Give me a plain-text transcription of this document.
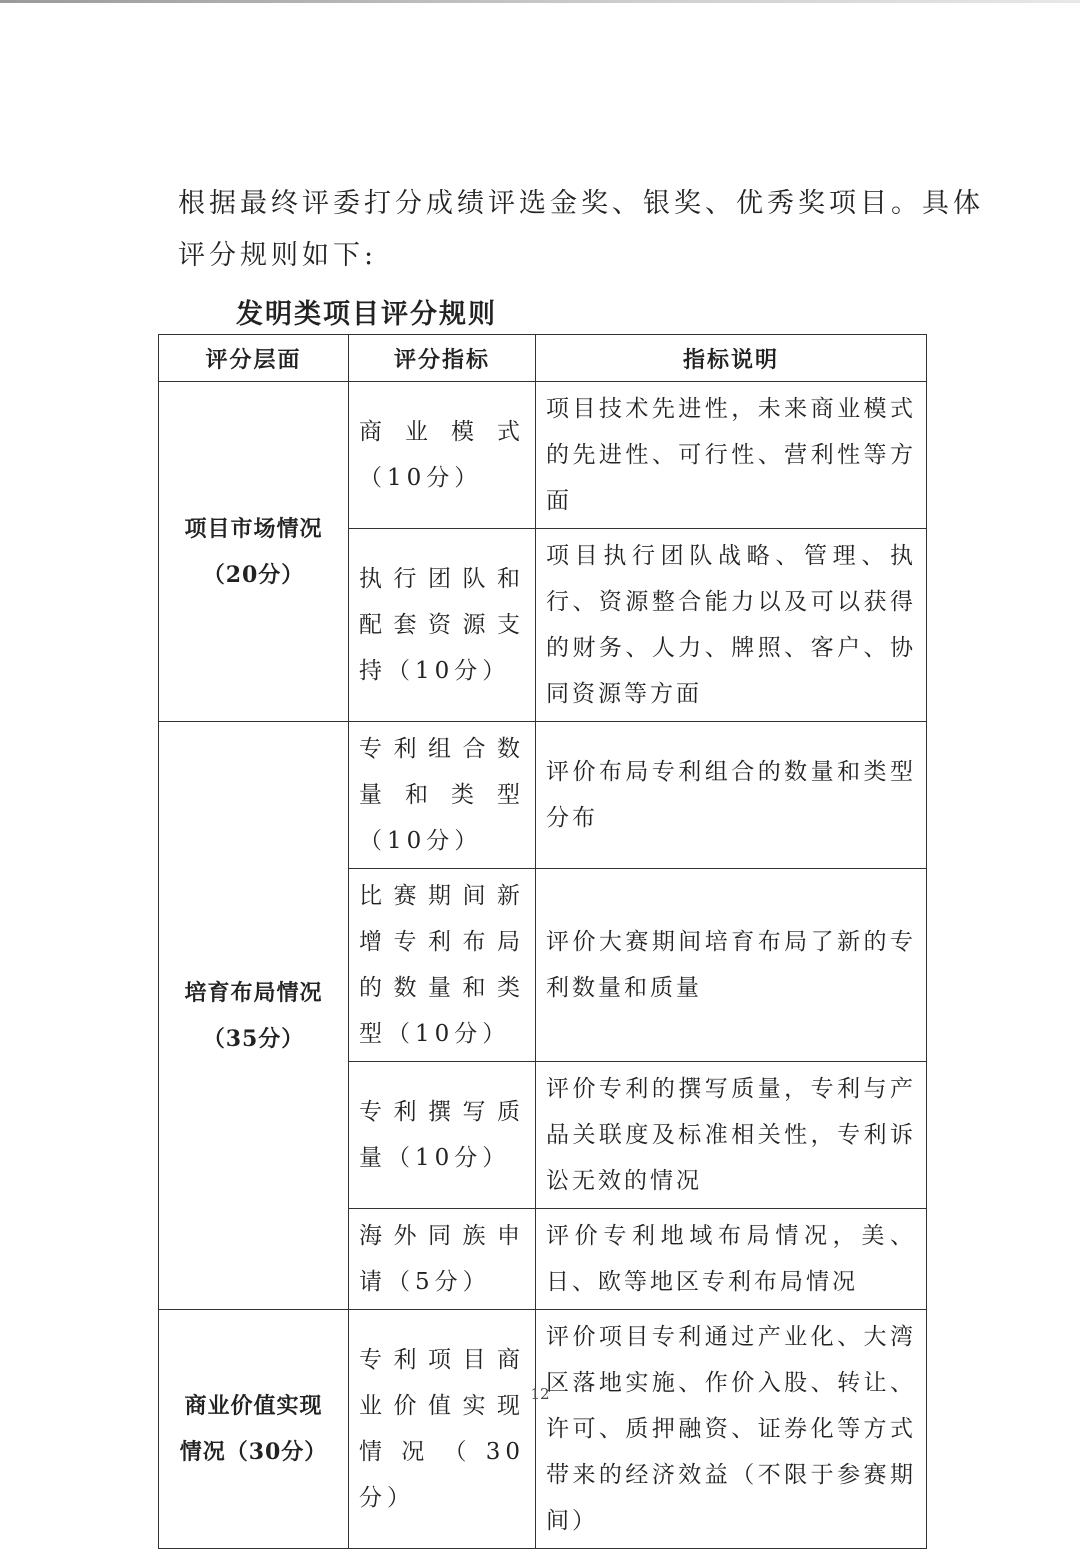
根据最终评委打分成绩评选金奖、银奖、优秀奖项目。具体
评分规则如下:
发明类项目评分规则
评分层面	评分指标	指标说明

项目市场情况
（20分）	商业模式（10分）	项目技术先进性，未来商业模式的先进性、可行性、营利性等方面
	执行团队和配套资源支持（10分）	项目执行团队战略、管理、执行、资源整合能力以及可以获得的财务、人力、牌照、客户、协同资源等方面

培育布局情况
（35分）	专利组合数量和类型（10分）	评价布局专利组合的数量和类型分布
	比赛期间新增专利布局的数量和类型（10分）	评价大赛期间培育布局了新的专利数量和质量
	专利撰写质量（10分）	评价专利的撰写质量，专利与产品关联度及标准相关性，专利诉讼无效的情况
	海外同族申请（5分）	评价专利地域布局情况，美、日、欧等地区专利布局情况

商业价值实现
情况（30分）	专利项目商业价值实现情况（30分）	评价项目专利通过产业化、大湾区落地实施、作价入股、转让、许可、质押融资、证券化等方式带来的经济效益（不限于参赛期间）
12
